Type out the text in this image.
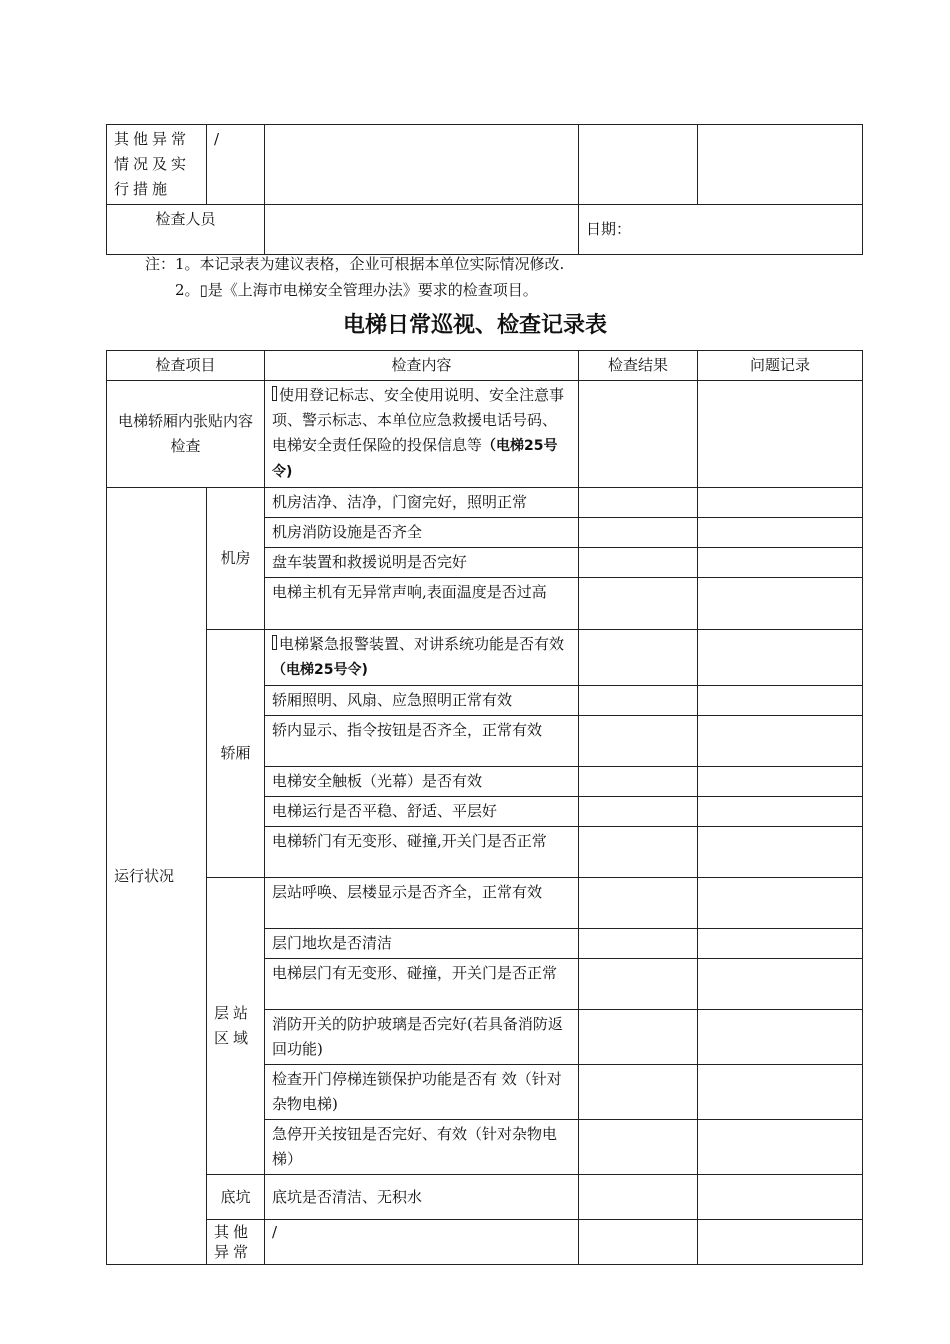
其他异常情况及实行措施	/			
检查人员			日期：	
注：1。本记录表为建议表格，企业可根据本单位实际情况修改.
2。▯是《上海市电梯安全管理办法》要求的检查项目。
电梯日常巡视、检查记录表
检查项目		检查内容	检查结果	问题记录	
电梯轿厢内张贴内容检查		使用登记标志、安全使用说明、安全注意事项、警示标志、本单位应急救援电话号码、电梯安全责任保险的投保信息等（电梯25号令)			
运行状况	机房	机房洁净、洁净，门窗完好，照明正常			
		机房消防设施是否齐全			
		盘车装置和救援说明是否完好			
		电梯主机有无异常声响,表面温度是否过高			
	轿厢	电梯紧急报警装置、对讲系统功能是否有效（电梯25号令)			
		轿厢照明、风扇、应急照明正常有效			
		轿内显示、指令按钮是否齐全，正常有效			
		电梯安全触板（光幕）是否有效			
		电梯运行是否平稳、舒适、平层好			
		电梯轿门有无变形、碰撞,开关门是否正常			
	层站区域	层站呼唤、层楼显示是否齐全，正常有效			
		层门地坎是否清洁			
		电梯层门有无变形、碰撞，开关门是否正常			
		消防开关的防护玻璃是否完好(若具备消防返回功能)			
		检查开门停梯连锁保护功能是否有 效（针对杂物电梯)			
		急停开关按钮是否完好、有效（针对杂物电梯）			
	底坑	底坑是否清洁、无积水			
	其他异常	/			
